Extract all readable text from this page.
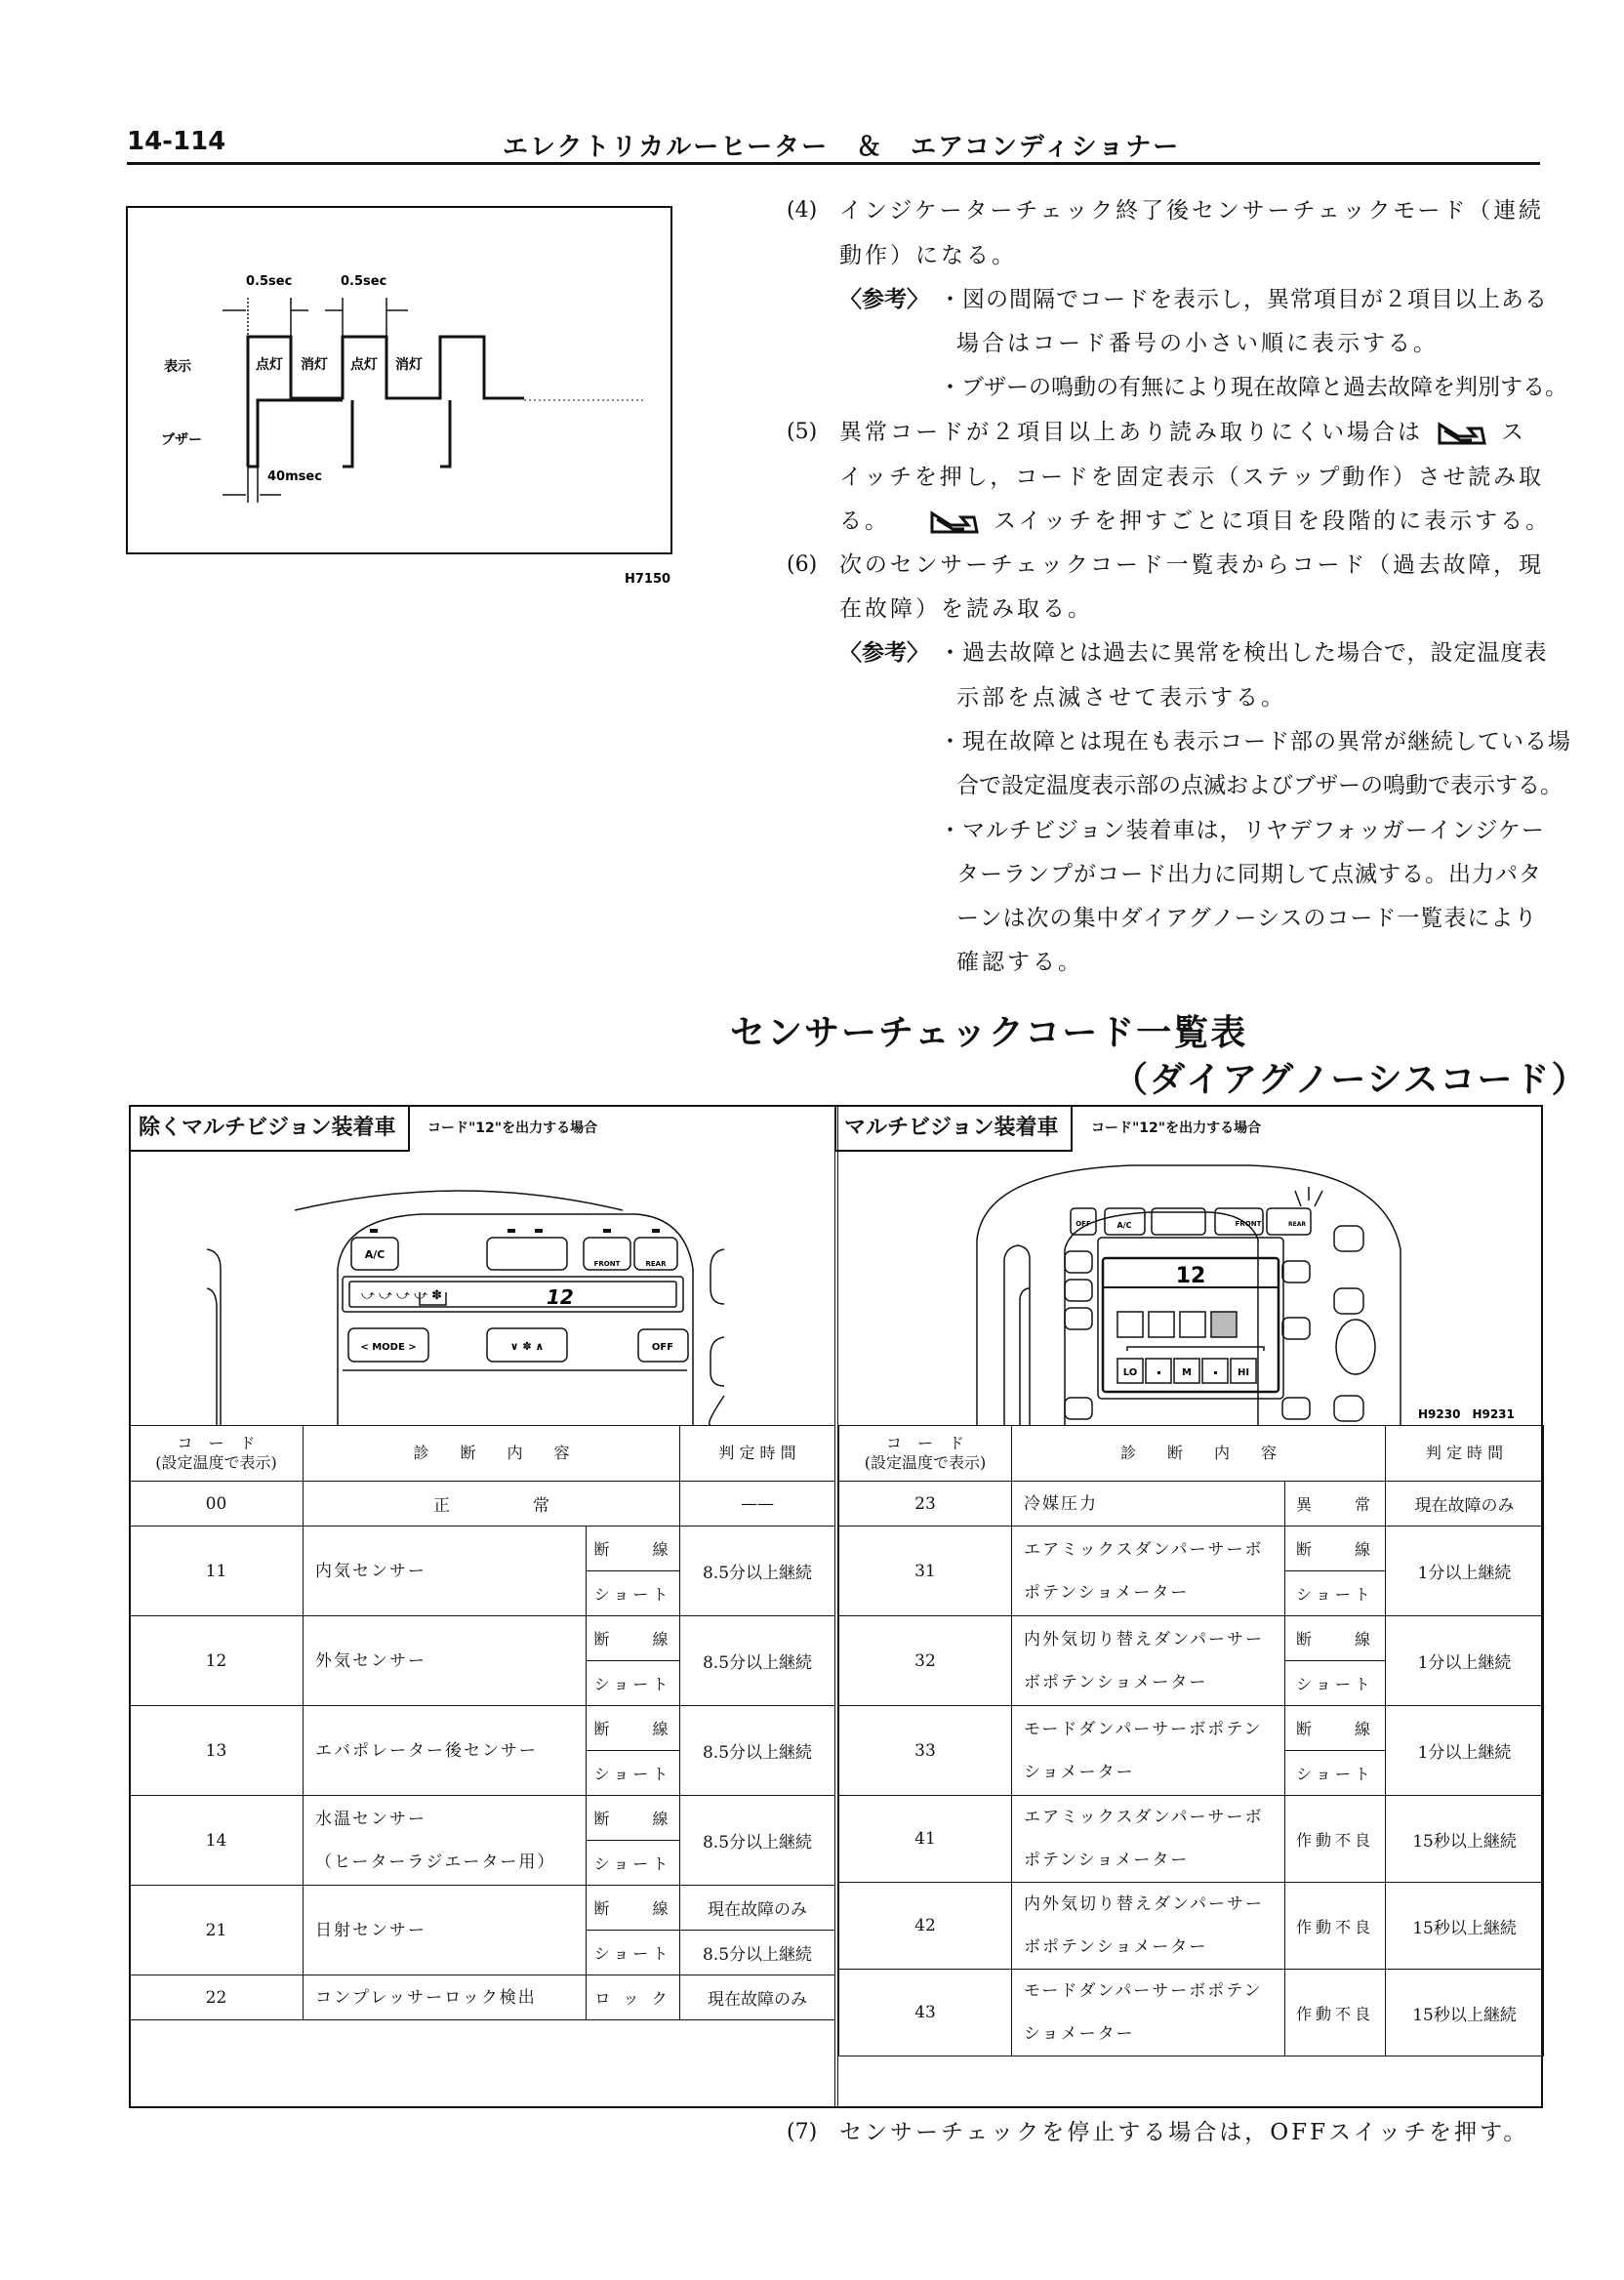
14-114	エレクトリカルーヒーター　＆　エアコンディショナー
0.5sec	0.5sec
表示
ブザー
点灯 消灯 点灯 消灯
40msec
H7150
(4) インジケーターチェック終了後センサーチェックモード（連続
動作）になる。
〈参考〉 ・図の間隔でコードを表示し，異常項目が２項目以上ある
場合はコード番号の小さい順に表示する。
・ブザーの鳴動の有無により現在故障と過去故障を判別する。
(5) 異常コードが２項目以上あり読み取りにくい場合は	ス
イッチを押し，コードを固定表示（ステップ動作）させ読み取
る。	スイッチを押すごとに項目を段階的に表示する。
(6) 次のセンサーチェックコード一覧表からコード（過去故障，現
在故障）を読み取る。
〈参考〉 ・過去故障とは過去に異常を検出した場合で，設定温度表
示部を点滅させて表示する。
・現在故障とは現在も表示コード部の異常が継続している場
合で設定温度表示部の点滅およびブザーの鳴動で表示する。
・マルチビジョン装着車は，リヤデフォッガーインジケー
ターランプがコード出力に同期して点滅する。出力パタ
ーンは次の集中ダイアグノーシスのコード一覧表により
確認する。
センサーチェックコード一覧表
（ダイアグノーシスコード）
除くマルチビジョン装着車	コード"12"を出力する場合	マルチビジョン装着車	コード"12"を出力する場合
A/C
FRONT	REAR
12
< MODE >	∨ ✽ ∧	OFF
⤻ ⤻ ⤻ ⤻ ✽
OFF	A/C	FRONT	REAR
12
LO	M	HI
H9230　H9231
コ　ー　ド
(設定温度で表示)	診　　断　　内　　容		判 定 時 間
00	正　　　　　常		——

11	内気センサー	断　　線	8.5分以上継続
		ショート	
12	外気センサー	断　　線	8.5分以上継続
		ショート	
13	エバポレーター後センサー	断　　線	8.5分以上継続
		ショート	
14	水温センサー
（ヒーターラジエーター用）	断　　線	8.5分以上継続
		ショート	
21	日射センサー	断　　線	現在故障のみ
		ショート	8.5分以上継続
22	コンプレッサーロック検出	ロ ッ ク	現在故障のみ

コ　ー　ド
(設定温度で表示)	診　　断　　内　　容		判 定 時 間
23	冷媒圧力	異　　常	現在故障のみ

31	エアミックスダンパーサーボ
ポテンショメーター	断　　線	1分以上継続
		ショート	
32	内外気切り替えダンパーサー
ボポテンショメーター	断　　線	1分以上継続
		ショート	
33	モードダンパーサーボポテン
ショメーター	断　　線	1分以上継続
		ショート	
41	エアミックスダンパーサーボ
ポテンショメーター	作動不良	15秒以上継続

42	内外気切り替えダンパーサー
ボポテンショメーター	作動不良	15秒以上継続

43	モードダンパーサーボポテン
ショメーター	作動不良	15秒以上継続

(7) センサーチェックを停止する場合は，OFFスイッチを押す。
